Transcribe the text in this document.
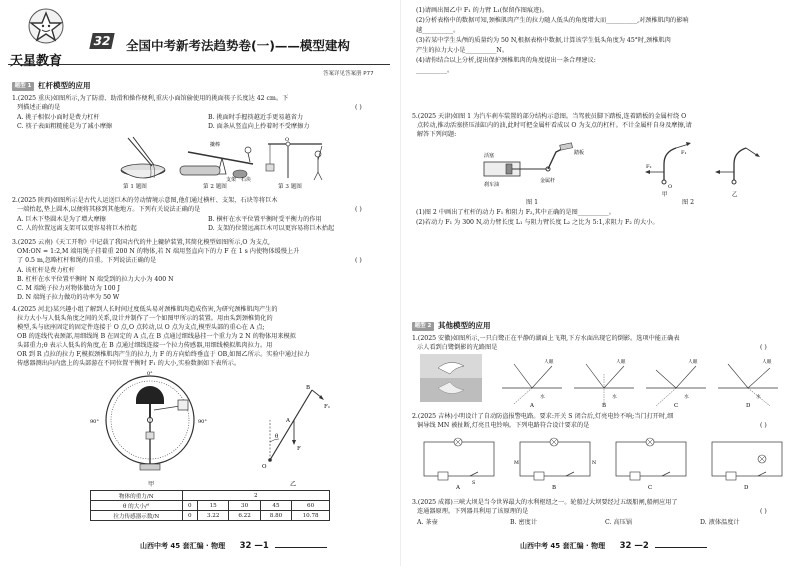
天星教育
32 全国中考新考法趋势卷(一)——模型建构
答案详见答案册 P77
题型 1 杠杆模型的应用
1.(2025 重庆)如图所示,为了防滑、助滑和操作便利,重庆小面馆偷使用的挑面筷子长度达 42 cm。下
列描述正确的是	( )
A. 挑子相似小面时是费力杠杆	B. 挑面时手握筷越近手更易越省力
C. 筷子表面粗糙能是为了减小摩擦	D. 面条从竖直向上拎着时不受摩擦力
撬棒
支架 石块
O
第 1 题图	第 2 题图	第 3 题图
2.(2025 陕西)如图所示是古代人运送巨木的劳动情境示意图,他们通过横杆、支架、石块等将巨木
一端抬起,垫上圆木,以便将其移到其他地方。下列有关说法正确的是	( )
A. 巨木下垫圆木是为了增大摩擦	B. 横杆在水平位置平衡时受平衡力的作用
C. 人的位置远离支架可以更容易将巨木抬起	D. 支架的位置远离巨木可以更容易将巨木抬起
3.(2025 云南)《天工开物》中记载了我国古代的井上辘轳装置,其简化模型如图所示,O 为支点,
OM:ON = 1:2,M 端用绳子挂着重 200 N 的物体,若 N 端用竖直向下的力 F 在 1 s 内使物体缓慢上升
了 0.5 m,忽略杠杆和绳的自重。下列说法正确的是	( )
A. 该杠杆是费力杠杆
B. 杠杆在水平位置平衡时 N 端受到的拉力大小为 400 N
C. M 端绳子拉力对物体做功为 100 J
D. N 端绳子拉力做功的功率为 50 W
4.(2025 河北)某兴趣小组了解到人长时间过度低头易对颈椎肌肉造成伤害,为研究颈椎肌肉产生的
拉力大小与人低头角度之间的关系,设计并制作了一个如图甲所示的装置。用由头到颈椎简化的
模型,头与底座固定的固定件连接于 O 点,O 点转动,以 O 点为支点,模型头部的重心在 A 点;
OB 的连线代表颈部,用细线绳 B 在固定的 A 点,在 B 点通过细线悬挂一个重力为 2 N 的物体用来模拟
头部重力;θ 表示人低头的角度,在 B 点通过细线连接一个拉力传感器,用细线模拟肌肉拉力。用
OR 到 R 点拉的拉力 F,模拟颈椎肌肉产生的拉力,力 F 的方向始终垂直于 OB,如图乙所示。实验中通过拉力
传感器测出向内盘上的头部游在不同位置平衡时 F₁ 的大小,实验数据如下表所示。
90°
0°
90°
甲
O
θ
A
B
F₁
F
乙
物体的重力/N	2				
θ 的大小/°	0	15	30	45	60
拉力传感器示数/N	0	3.22	6.22	8.80	10.78
山西中考 45 套汇编 · 物理 32 —1
(1)请画出图乙中 F₁ 的力臂 L₁(保留作图痕迹)。
(2)分析表格中的数据可知,颈椎肌肉产生的拉力随人低头的角度增大而__________,对颈椎肌肉的影响
越__________。
(3)若某中学生头颅的质量约为 50 N,根据表格中数据,计算该学生低头角度为 45°时,颈椎肌肉
产生的拉力大小是__________N。
(4)请你结合以上分析,提出保护颈椎肌肉的角度提出一条合理建议:
__________。
5.(2025 天津)如图 1 为汽车刹车装置的部分结构示意图。当驾驶员脚下踏板,连着踏板的金属杆绕 O
点转动,推动活塞挤压油缸内的油,此时可把金属杆看成以 O 为支点的杠杆。不计金属杆自身及摩擦,请
解答下列问题:
活塞	踏板
刹车油
金属杆
图 1
F₁
F₂
O
甲	乙
图 2
(1)图 2 中画出了杠杆的动力 F₁ 和阻力 F₂,其中正确的是图__________。
(2)若动力 F₁ 为 300 N,动力臂长度 L₁ 与阻力臂长度 L₂ 之比为 5:1,求阻力 F₂ 的大小。
题型 2 其他模型的应用
1.(2025 安徽)如图所示,一只白鹭正在平静的湖面上飞翔,下方水面出现它的倒影。选项中能正确表
示人看到白鹭倒影的光路图是	( )
人眼
水
A
人眼
水
B
人眼
水
C
人眼
水
D
2.(2025 吉林)小明设计了自动防盗报警电路。要求:开关 S 闭合后,灯亮电铃不响;当门打开时,细
铜导线 MN 被扯断,灯亮且电铃响。下列电路符合设计要求的是	( )
S
A
M	N
B	C	D
3.(2025 成都)三峡大坝是当今世界最大的水利枢纽之一。轮船过大坝要经过五级船闸,船闸应用了
连通器原理。下列器具利用了该原理的是	( )
A. 茶壶	B. 密度计	C. 高压锅	D. 液体温度计
山西中考 45 套汇编 · 物理 32 —2
